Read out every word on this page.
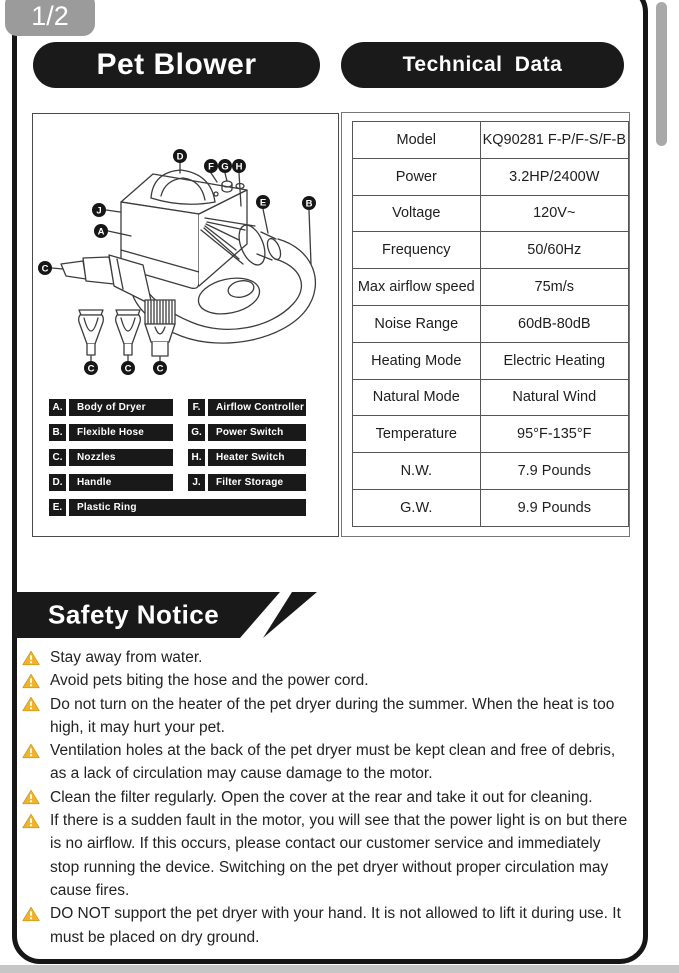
1/2
Pet Blower	Technical Data
D
F G H
J
A
E	B
C
C	C	C
A.	Body of Dryer
B.	Flexible Hose
C.	Nozzles
D.	Handle
F.	Airflow Controller
G.	Power Switch
H.	Heater Switch
J.	Filter Storage
E.	Plastic Ring
Model	KQ90281 F-P/F-S/F-B
Power	3.2HP/2400W
Voltage	120V~
Frequency	50/60Hz
Max airflow speed	75m/s
Noise Range	60dB-80dB
Heating Mode	Electric Heating
Natural Mode	Natural Wind
Temperature	95°F-135°F
N.W.	7.9 Pounds
G.W.	9.9 Pounds
Safety Notice

Stay away from water.

Avoid pets biting the hose and the power cord.

Do not turn on the heater of the pet dryer during the summer. When the heat is too high, it may hurt your pet.

Ventilation holes at the back of the pet dryer must be kept clean and free of debris, as a lack of circulation may cause damage to the motor.

Clean the filter regularly. Open the cover at the rear and take it out for cleaning.

If there is a sudden fault in the motor, you will see that the power light is on but there is no airflow. If this occurs, please contact our customer service and immediately stop running the device. Switching on the pet dryer without proper circulation may cause fires.

DO NOT support the pet dryer with your hand. It is not allowed to lift it during use. It must be placed on dry ground.
